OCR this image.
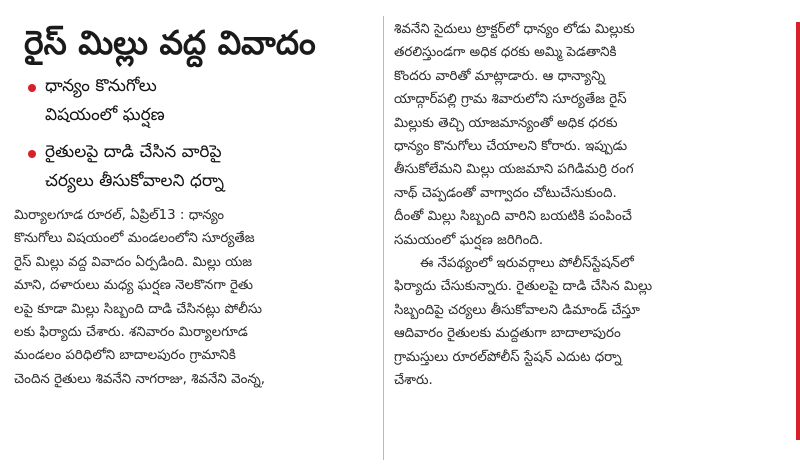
రైస్ మిల్లు వద్ద వివాదం
ధాన్యం కొనుగోలు
విషయంలో ఘర్షణ
రైతులపై దాడి చేసిన వారిపై
చర్యలు తీసుకోవాలని ధర్నా
మిర్యాలగూడ రూరల్, ఏప్రిల్13 : ధాన్యం
కొనుగోలు విషయంలో మండలంలోని సూర్యతేజ
రైస్ మిల్లు వద్ద వివాదం ఏర్పడింది. మిల్లు యజ
మాని, దళారులు మధ్య ఘర్షణ నెలకొనగా రైతు
లపై కూడా మిల్లు సిబ్బంది దాడి చేసినట్లు పోలీసు
లకు ఫిర్యాదు చేశారు. శనివారం మిర్యాలగూడ
మండలం పరిధిలోని బాదాలపురం గ్రామానికి
చెందిన రైతులు శివనేని నాగరాజు, శివనేని వెంన్న,
శివనేని సైదులు ట్రాక్టర్‌లో ధాన్యం లోడు మిల్లుకు
తరలిస్తుండగా అధిక ధరకు అమ్మి పెడతానికి
కొందరు వారితో మాట్లాడారు. ఆ ధాన్యాన్ని
యాద్గార్‌పల్లి గ్రామ శివారులోని సూర్యతేజ రైస్
మిల్లుకు తెచ్చి యాజమాన్యంతో అధిక ధరకు
ధాన్యం కొనుగోలు చేయాలని కోరారు. ఇప్పుడు
తీసుకోలేమని మిల్లు యజమాని పగిడిమర్రి రంగ
నాథ్ చెప్పడంతో వాగ్వాదం చోటుచేసుకుంది.
దీంతో మిల్లు సిబ్బంది వారిని బయటికి పంపించే
సమయంలో ఘర్షణ జరిగింది.
ఈ నేపథ్యంలో ఇరువర్గాలు పోలీస్‌స్టేషన్‌లో
ఫిర్యాదు చేసుకున్నారు. రైతులపై దాడి చేసిన మిల్లు
సిబ్బందిపై చర్యలు తీసుకోవాలని డిమాండ్ చేస్తూ
ఆదివారం రైతులకు మద్దతుగా బాదాలాపురం
గ్రామస్తులు రూరల్‌పోలీస్ స్టేషన్ ఎదుట ధర్నా
చేశారు.
